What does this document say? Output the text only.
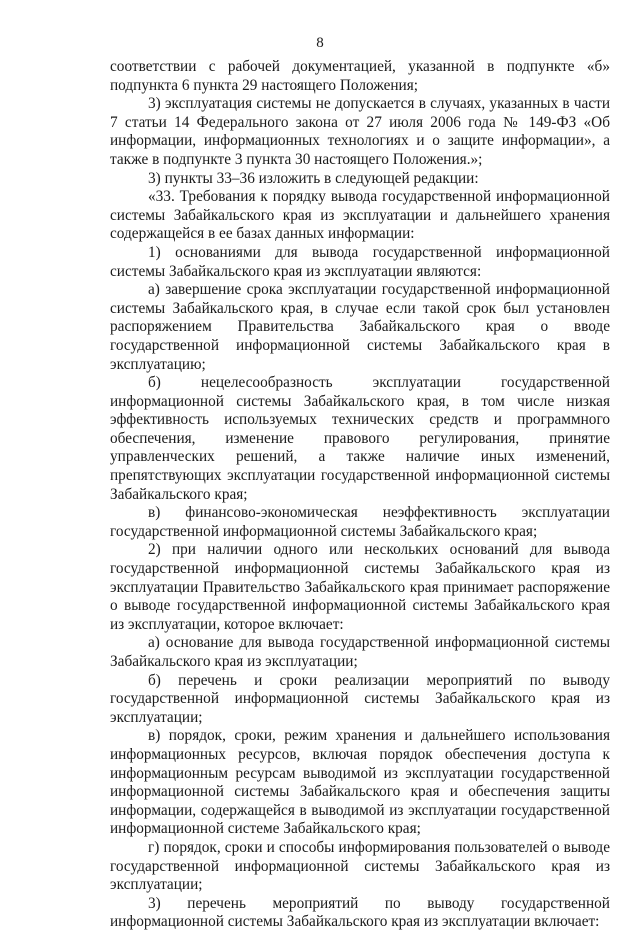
8

соответствии с рабочей документацией, указанной в подпункте «б» подпункта 6 пункта 29 настоящего Положения;

3) эксплуатация системы не допускается в случаях, указанных в части 7 статьи 14 Федерального закона от 27 июля 2006 года № 149-ФЗ «Об информации, информационных технологиях и о защите информации», а также в подпункте 3 пункта 30 настоящего Положения.»;

3) пункты 33–36 изложить в следующей редакции:

«33. Требования к порядку вывода государственной информационной системы Забайкальского края из эксплуатации и дальнейшего хранения содержащейся в ее базах данных информации:

1) основаниями для вывода государственной информационной системы Забайкальского края из эксплуатации являются:

а) завершение срока эксплуатации государственной информационной системы Забайкальского края, в случае если такой срок был установлен распоряжением Правительства Забайкальского края о вводе государственной информационной системы Забайкальского края в эксплуатацию;

б) нецелесообразность эксплуатации государственной информационной системы Забайкальского края, в том числе низкая эффективность используемых технических средств и программного обеспечения, изменение правового регулирования, принятие управленческих решений, а также наличие иных изменений, препятствующих эксплуатации государственной информационной системы Забайкальского края;

в) финансово-экономическая неэффективность эксплуатации государственной информационной системы Забайкальского края;

2) при наличии одного или нескольких оснований для вывода государственной информационной системы Забайкальского края из эксплуатации Правительство Забайкальского края принимает распоряжение о выводе государственной информационной системы Забайкальского края из эксплуатации, которое включает:

а) основание для вывода государственной информационной системы Забайкальского края из эксплуатации;

б) перечень и сроки реализации мероприятий по выводу государственной информационной системы Забайкальского края из эксплуатации;

в) порядок, сроки, режим хранения и дальнейшего использования информационных ресурсов, включая порядок обеспечения доступа к информационным ресурсам выводимой из эксплуатации государственной информационной системы Забайкальского края и обеспечения защиты информации, содержащейся в выводимой из эксплуатации государственной информационной системе Забайкальского края;

г) порядок, сроки и способы информирования пользователей о выводе государственной информационной системы Забайкальского края из эксплуатации;

3) перечень мероприятий по выводу государственной информационной системы Забайкальского края из эксплуатации включает:
